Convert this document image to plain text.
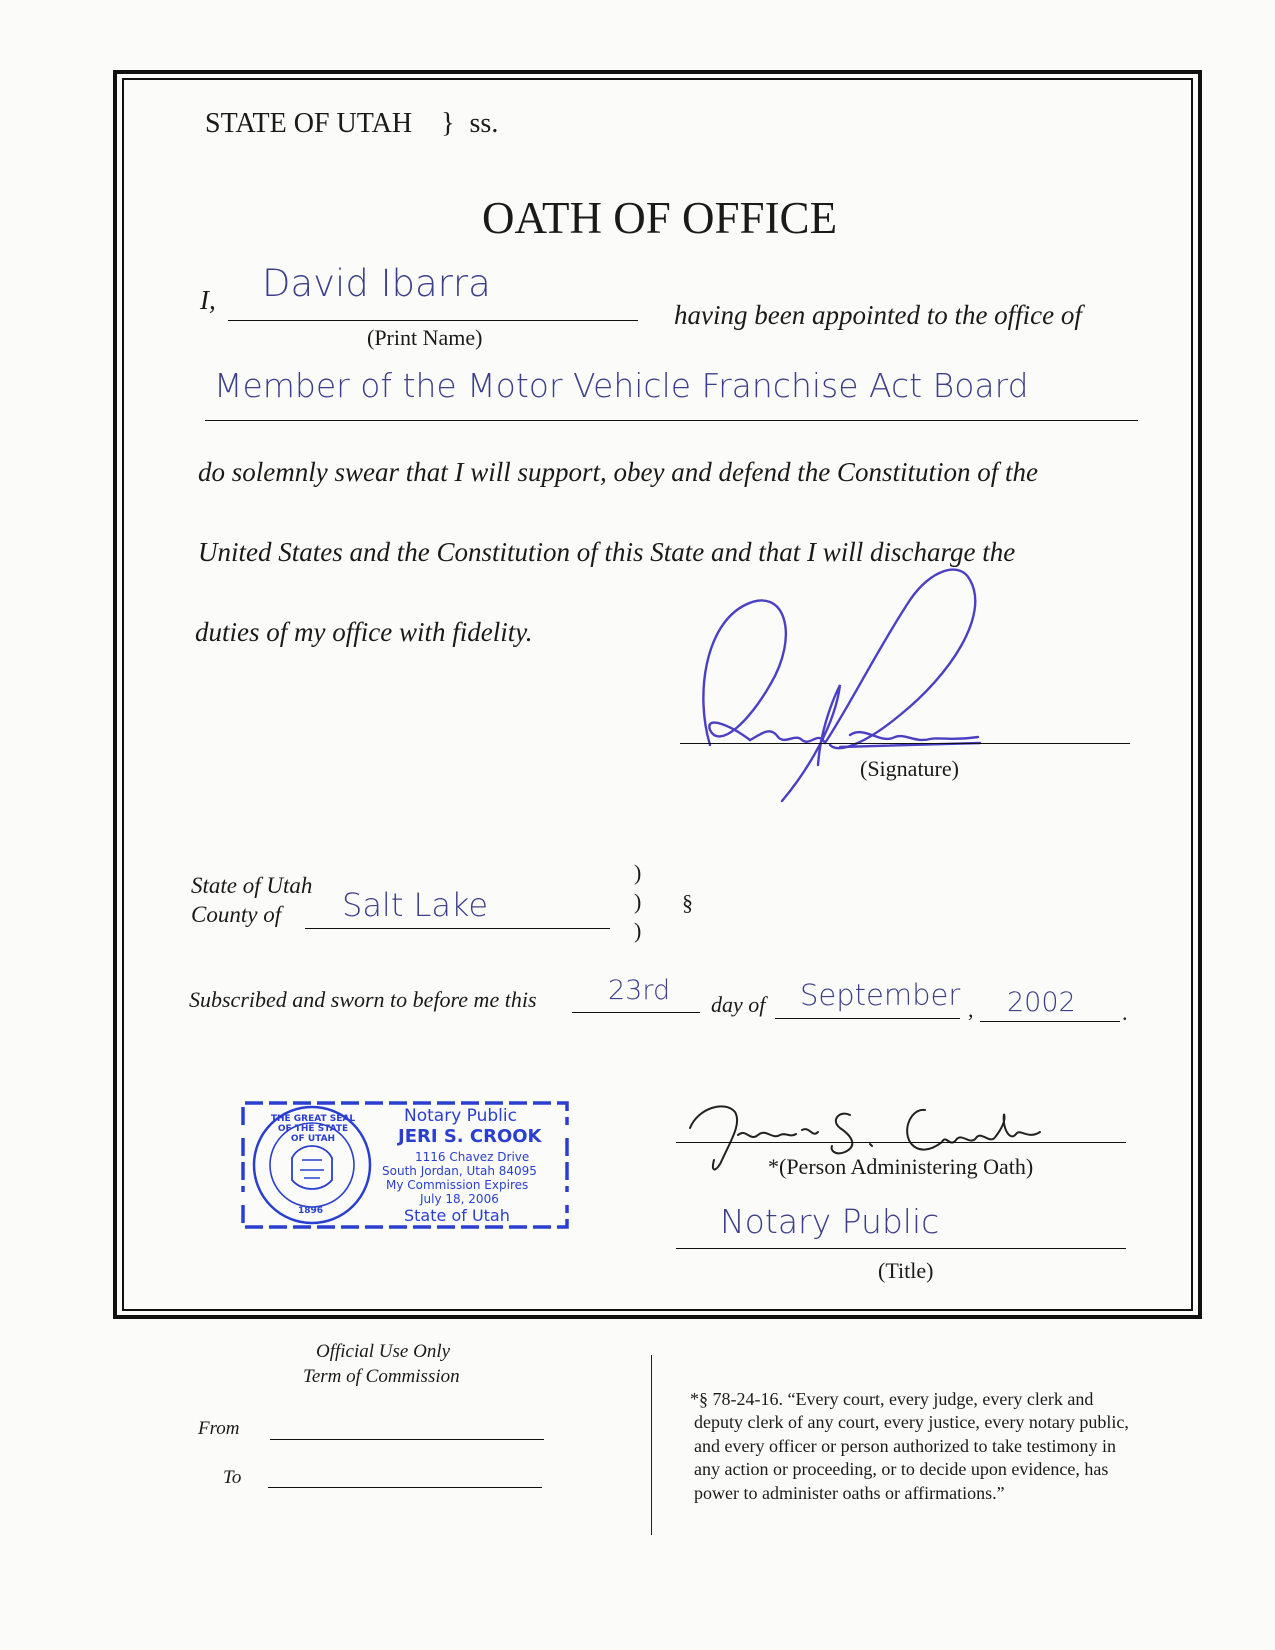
STATE OF UTAH } ss.
OATH OF OFFICE
I, David Ibarra
(Print Name)
having been appointed to the office of
Member of the Motor Vehicle Franchise Act Board
do solemnly swear that I will support, obey and defend the Constitution of the
United States and the Constitution of this State and that I will discharge the
duties of my office with fidelity.
(Signature)
State of Utah
County of Salt Lake
)
)
)
§
Subscribed and sworn to before me this	23rd day of September , 2002 .
THE GREAT SEAL OF THE STATE OF UTAH
1896
Notary Public
JERI S. CROOK
1116 Chavez Drive
South Jordan, Utah 84095
My Commission Expires
July 18, 2006
State of Utah
*(Person Administering Oath)
Notary Public
(Title)
Official Use Only
Term of Commission
From
To
*§ 78-24-16. “Every court, every judge, every clerk and
deputy clerk of any court, every justice, every notary public,
and every officer or person authorized to take testimony in
any action or proceeding, or to decide upon evidence, has
power to administer oaths or affirmations.”
